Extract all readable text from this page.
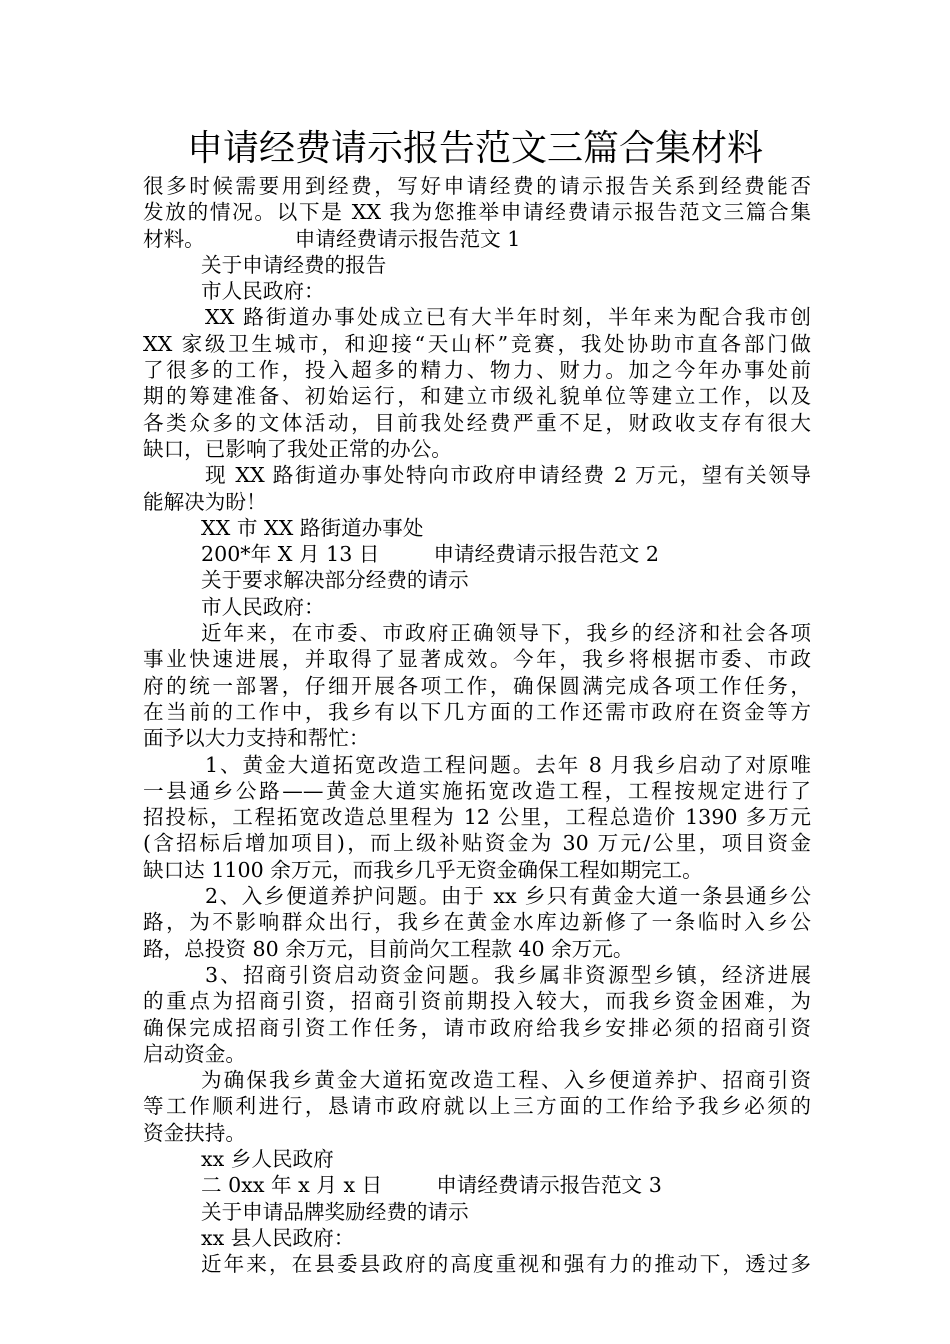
申请经费请示报告范文三篇合集材料
很多时候需要用到经费，写好申请经费的请示报告关系到经费能否
发放的情况。以下是 XX 我为您推举申请经费请示报告范文三篇合集
材料。	申请经费请示报告范文 1
关于申请经费的报告
市人民政府：
XX 路街道办事处成立已有大半年时刻，半年来为配合我市创
XX 家级卫生城市，和迎接“天山杯”竞赛，我处协助市直各部门做
了很多的工作，投入超多的精力、物力、财力。加之今年办事处前
期的筹建准备、初始运行，和建立市级礼貌单位等建立工作，以及
各类众多的文体活动，目前我处经费严重不足，财政收支存有很大
缺口，已影响了我处正常的办公。
现 XX 路街道办事处特向市政府申请经费 2 万元，望有关领导
能解决为盼！
XX 市 XX 路街道办事处
200*年 X 月 13 日	申请经费请示报告范文 2
关于要求解决部分经费的请示
市人民政府：
近年来，在市委、市政府正确领导下，我乡的经济和社会各项
事业快速进展，并取得了显著成效。今年，我乡将根据市委、市政
府的统一部署，仔细开展各项工作，确保圆满完成各项工作任务，
在当前的工作中，我乡有以下几方面的工作还需市政府在资金等方
面予以大力支持和帮忙：
1、黄金大道拓宽改造工程问题。去年 8 月我乡启动了对原唯
一县通乡公路——黄金大道实施拓宽改造工程，工程按规定进行了
招投标，工程拓宽改造总里程为 12 公里，工程总造价 1390 多万元
(含招标后增加项目)，而上级补贴资金为 30 万元/公里，项目资金
缺口达 1100 余万元，而我乡几乎无资金确保工程如期完工。
2、入乡便道养护问题。由于 xx 乡只有黄金大道一条县通乡公
路，为不影响群众出行，我乡在黄金水库边新修了一条临时入乡公
路，总投资 80 余万元，目前尚欠工程款 40 余万元。
3、招商引资启动资金问题。我乡属非资源型乡镇，经济进展
的重点为招商引资，招商引资前期投入较大，而我乡资金困难，为
确保完成招商引资工作任务，请市政府给我乡安排必须的招商引资
启动资金。
为确保我乡黄金大道拓宽改造工程、入乡便道养护、招商引资
等工作顺利进行，恳请市政府就以上三方面的工作给予我乡必须的
资金扶持。
xx 乡人民政府
二 0xx 年 x 月 x 日	申请经费请示报告范文 3
关于申请品牌奖励经费的请示
xx 县人民政府：
近年来，在县委县政府的高度重视和强有力的推动下，透过多
